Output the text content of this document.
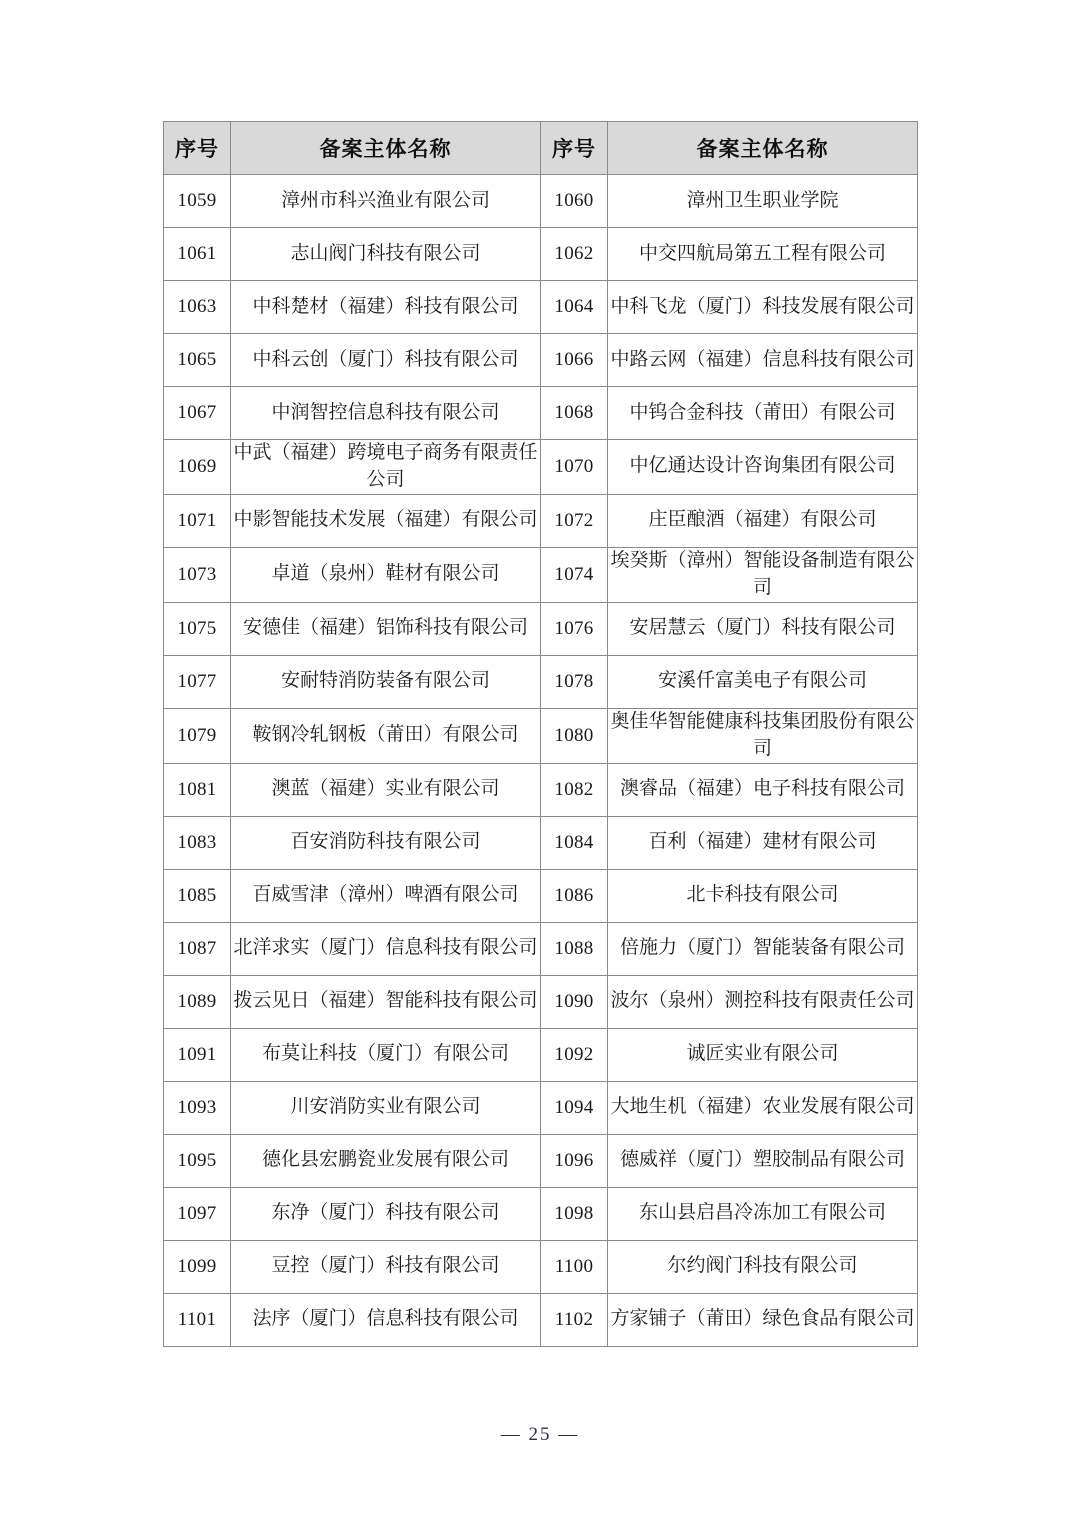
序号	备案主体名称	序号	备案主体名称
1059	漳州市科兴渔业有限公司	1060	漳州卫生职业学院

1061	志山阀门科技有限公司	1062	中交四航局第五工程有限公司

1063	中科楚材（福建）科技有限公司	1064	中科飞龙（厦门）科技发展有限公司

1065	中科云创（厦门）科技有限公司	1066	中路云网（福建）信息科技有限公司

1067	中润智控信息科技有限公司	1068	中钨合金科技（莆田）有限公司

1069	中武（福建）跨境电子商务有限责任公司	1070	中亿通达设计咨询集团有限公司

1071	中影智能技术发展（福建）有限公司	1072	庄臣酿酒（福建）有限公司

1073	卓道（泉州）鞋材有限公司	1074	埃癸斯（漳州）智能设备制造有限公司

1075	安德佳（福建）铝饰科技有限公司	1076	安居慧云（厦门）科技有限公司

1077	安耐特消防装备有限公司	1078	安溪仟富美电子有限公司

1079	鞍钢冷轧钢板（莆田）有限公司	1080	奥佳华智能健康科技集团股份有限公司

1081	澳蓝（福建）实业有限公司	1082	澳睿品（福建）电子科技有限公司

1083	百安消防科技有限公司	1084	百利（福建）建材有限公司

1085	百威雪津（漳州）啤酒有限公司	1086	北卡科技有限公司

1087	北洋求实（厦门）信息科技有限公司	1088	倍施力（厦门）智能装备有限公司

1089	拨云见日（福建）智能科技有限公司	1090	波尔（泉州）测控科技有限责任公司

1091	布莫让科技（厦门）有限公司	1092	诚匠实业有限公司

1093	川安消防实业有限公司	1094	大地生机（福建）农业发展有限公司

1095	德化县宏鹏瓷业发展有限公司	1096	德威祥（厦门）塑胶制品有限公司

1097	东净（厦门）科技有限公司	1098	东山县启昌冷冻加工有限公司

1099	豆控（厦门）科技有限公司	1100	尔约阀门科技有限公司

1101	法序（厦门）信息科技有限公司	1102	方家铺子（莆田）绿色食品有限公司
— 25 —
